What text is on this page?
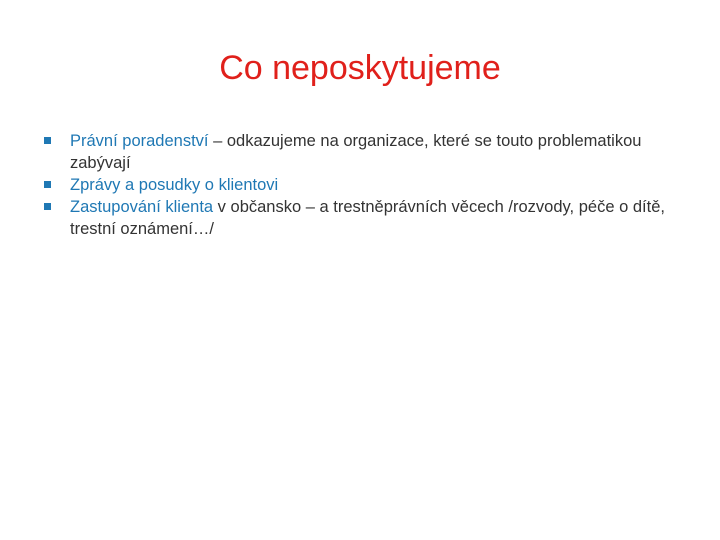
Co neposkytujeme
Právní poradenství – odkazujeme na organizace, které se touto problematikou zabývají
Zprávy a posudky o klientovi
Zastupování klienta v občansko – a trestněprávních věcech /rozvody, péče o dítě, trestní oznámení…/
